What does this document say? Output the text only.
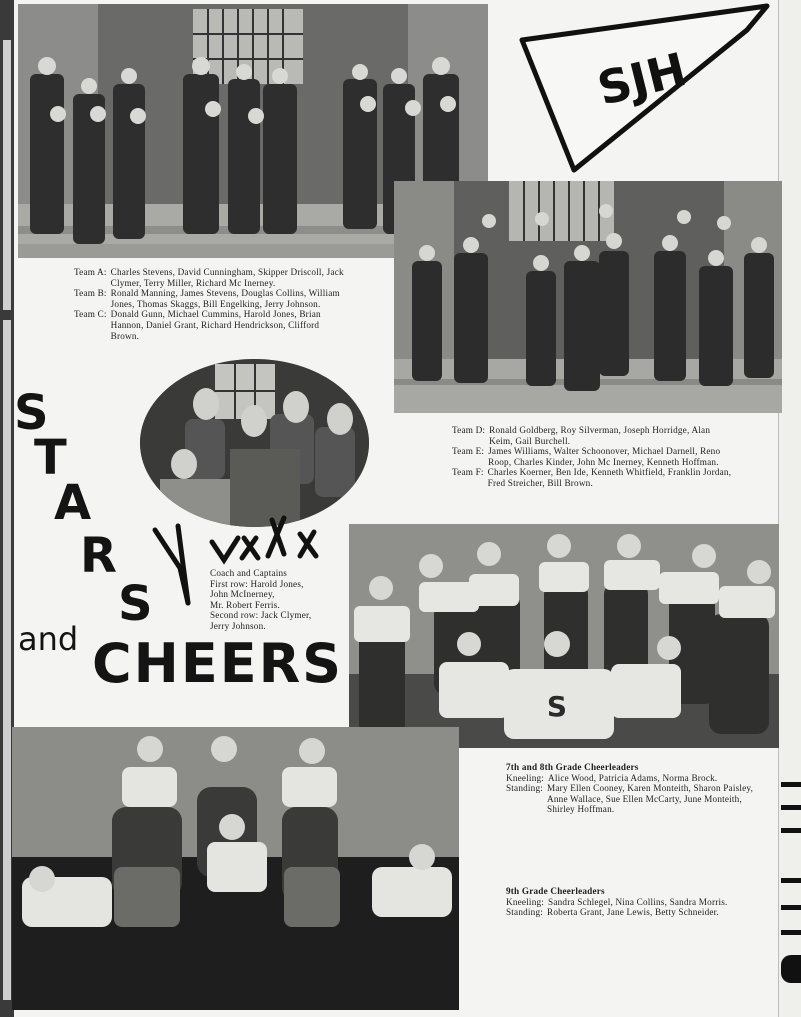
SJH
Team A: Charles Stevens, David Cunningham, Skipper Driscoll, Jack Clymer, Terry Miller, Richard Mc Inerney.
Team B: Ronald Manning, James Stevens, Douglas Collins, William Jones, Thomas Skaggs, Bill Engelking, Jerry Johnson.
Team C: Donald Gunn, Michael Cummins, Harold Jones, Brian Hannon, Daniel Grant, Richard Hendrickson, Clifford Brown.
Team D: Ronald Goldberg, Roy Silverman, Joseph Horridge, Alan Keim, Gail Burchell.
Team E: James Williams, Walter Schoonover, Michael Darnell, Reno Roop, Charles Kinder, John Mc Inerney, Kenneth Hoffman.
Team F: Charles Koerner, Ben Ide, Kenneth Whitfield, Franklin Jordan, Fred Streicher, Bill Brown.
S
T
A
R
S
and CHEERS
Coach and Captains
First row: Harold Jones,
John McInerney,
Mr. Robert Ferris.
Second row: Jack Clymer,
Jerry Johnson.
S
7th and 8th Grade Cheerleaders
Kneeling: Alice Wood, Patricia Adams, Norma Brock.
Standing: Mary Ellen Cooney, Karen Monteith, Sharon Paisley, Anne Wallace, Sue Ellen McCarty, June Monteith, Shirley Hoffman.
9th Grade Cheerleaders
Kneeling: Sandra Schlegel, Nina Collins, Sandra Morris.
Standing: Roberta Grant, Jane Lewis, Betty Schneider.
